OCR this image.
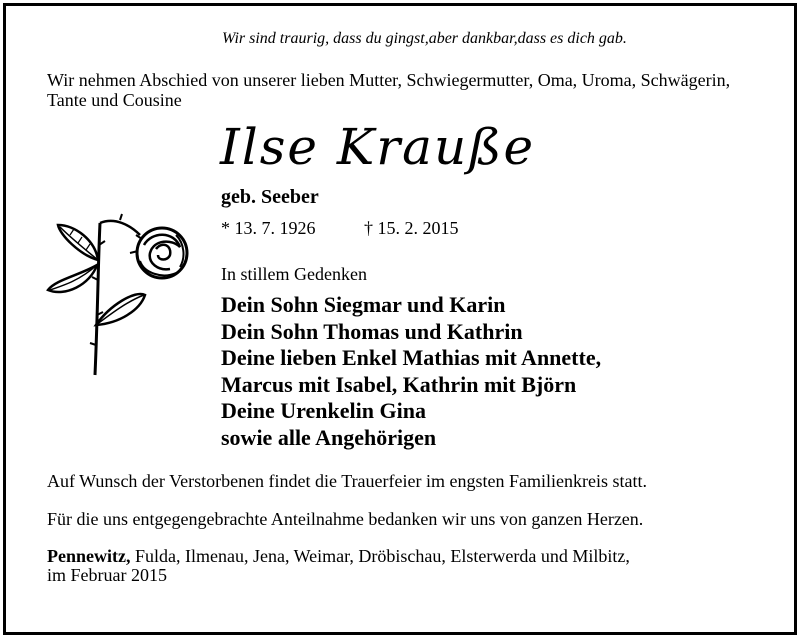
Wir sind traurig, dass du gingst,aber dankbar,dass es dich gab.
Wir nehmen Abschied von unserer lieben Mutter, Schwiegermutter, Oma, Uroma, Schwägerin, Tante und Cousine
Ilse Krauße
geb. Seeber
* 13. 7. 1926	† 15. 2. 2015
In stillem Gedenken
Dein Sohn Siegmar und Karin
Dein Sohn Thomas und Kathrin
Deine lieben Enkel Mathias mit Annette,
Marcus mit Isabel, Kathrin mit Björn
Deine Urenkelin Gina
sowie alle Angehörigen
Auf Wunsch der Verstorbenen findet die Trauerfeier im engsten Familienkreis statt.
Für die uns entgegengebrachte Anteilnahme bedanken wir uns von ganzen Herzen.
Pennewitz, Fulda, Ilmenau, Jena, Weimar, Dröbischau, Elsterwerda und Milbitz,
im Februar 2015
